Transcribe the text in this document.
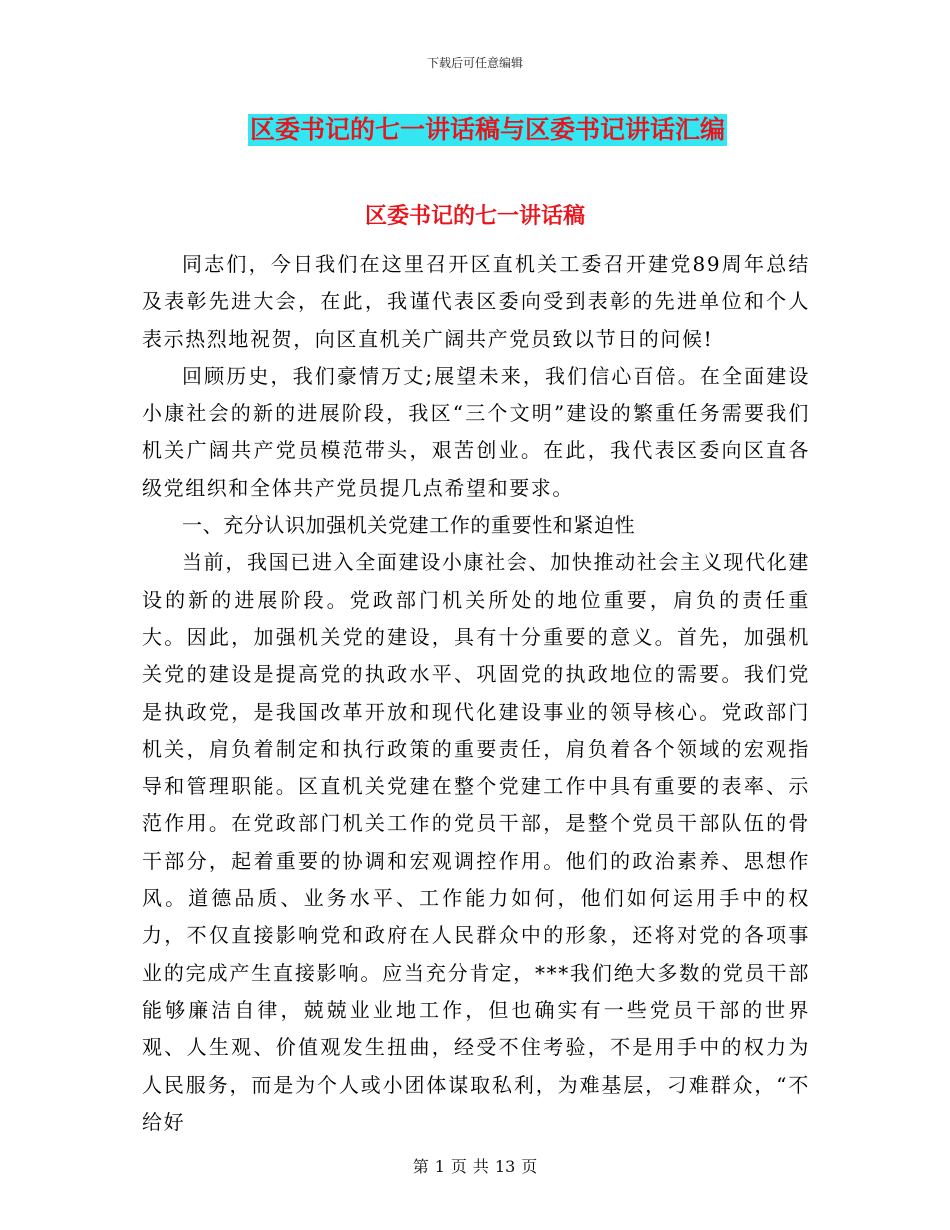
下载后可任意编辑
区委书记的七一讲话稿与区委书记讲话汇编
区委书记的七一讲话稿

同志们，今日我们在这里召开区直机关工委召开建党89周年总结及表彰先进大会，在此，我谨代表区委向受到表彰的先进单位和个人表示热烈地祝贺，向区直机关广阔共产党员致以节日的问候!

回顾历史，我们豪情万丈;展望未来，我们信心百倍。在全面建设小康社会的新的进展阶段，我区“三个文明”建设的繁重任务需要我们机关广阔共产党员模范带头，艰苦创业。在此，我代表区委向区直各级党组织和全体共产党员提几点希望和要求。

一、充分认识加强机关党建工作的重要性和紧迫性

当前，我国已进入全面建设小康社会、加快推动社会主义现代化建设的新的进展阶段。党政部门机关所处的地位重要，肩负的责任重大。因此，加强机关党的建设，具有十分重要的意义。首先，加强机关党的建设是提高党的执政水平、巩固党的执政地位的需要。我们党是执政党，是我国改革开放和现代化建设事业的领导核心。党政部门机关，肩负着制定和执行政策的重要责任，肩负着各个领域的宏观指导和管理职能。区直机关党建在整个党建工作中具有重要的表率、示范作用。在党政部门机关工作的党员干部，是整个党员干部队伍的骨干部分，起着重要的协调和宏观调控作用。他们的政治素养、思想作风。道德品质、业务水平、工作能力如何，他们如何运用手中的权力，不仅直接影响党和政府在人民群众中的形象，还将对党的各项事业的完成产生直接影响。应当充分肯定，***我们绝大多数的党员干部能够廉洁自律，兢兢业业地工作，但也确实有一些党员干部的世界观、人生观、价值观发生扭曲，经受不住考验，不是用手中的权力为人民服务，而是为个人或小团体谋取私利，为难基层，刁难群众，“不给好

第 1 页 共 13 页
